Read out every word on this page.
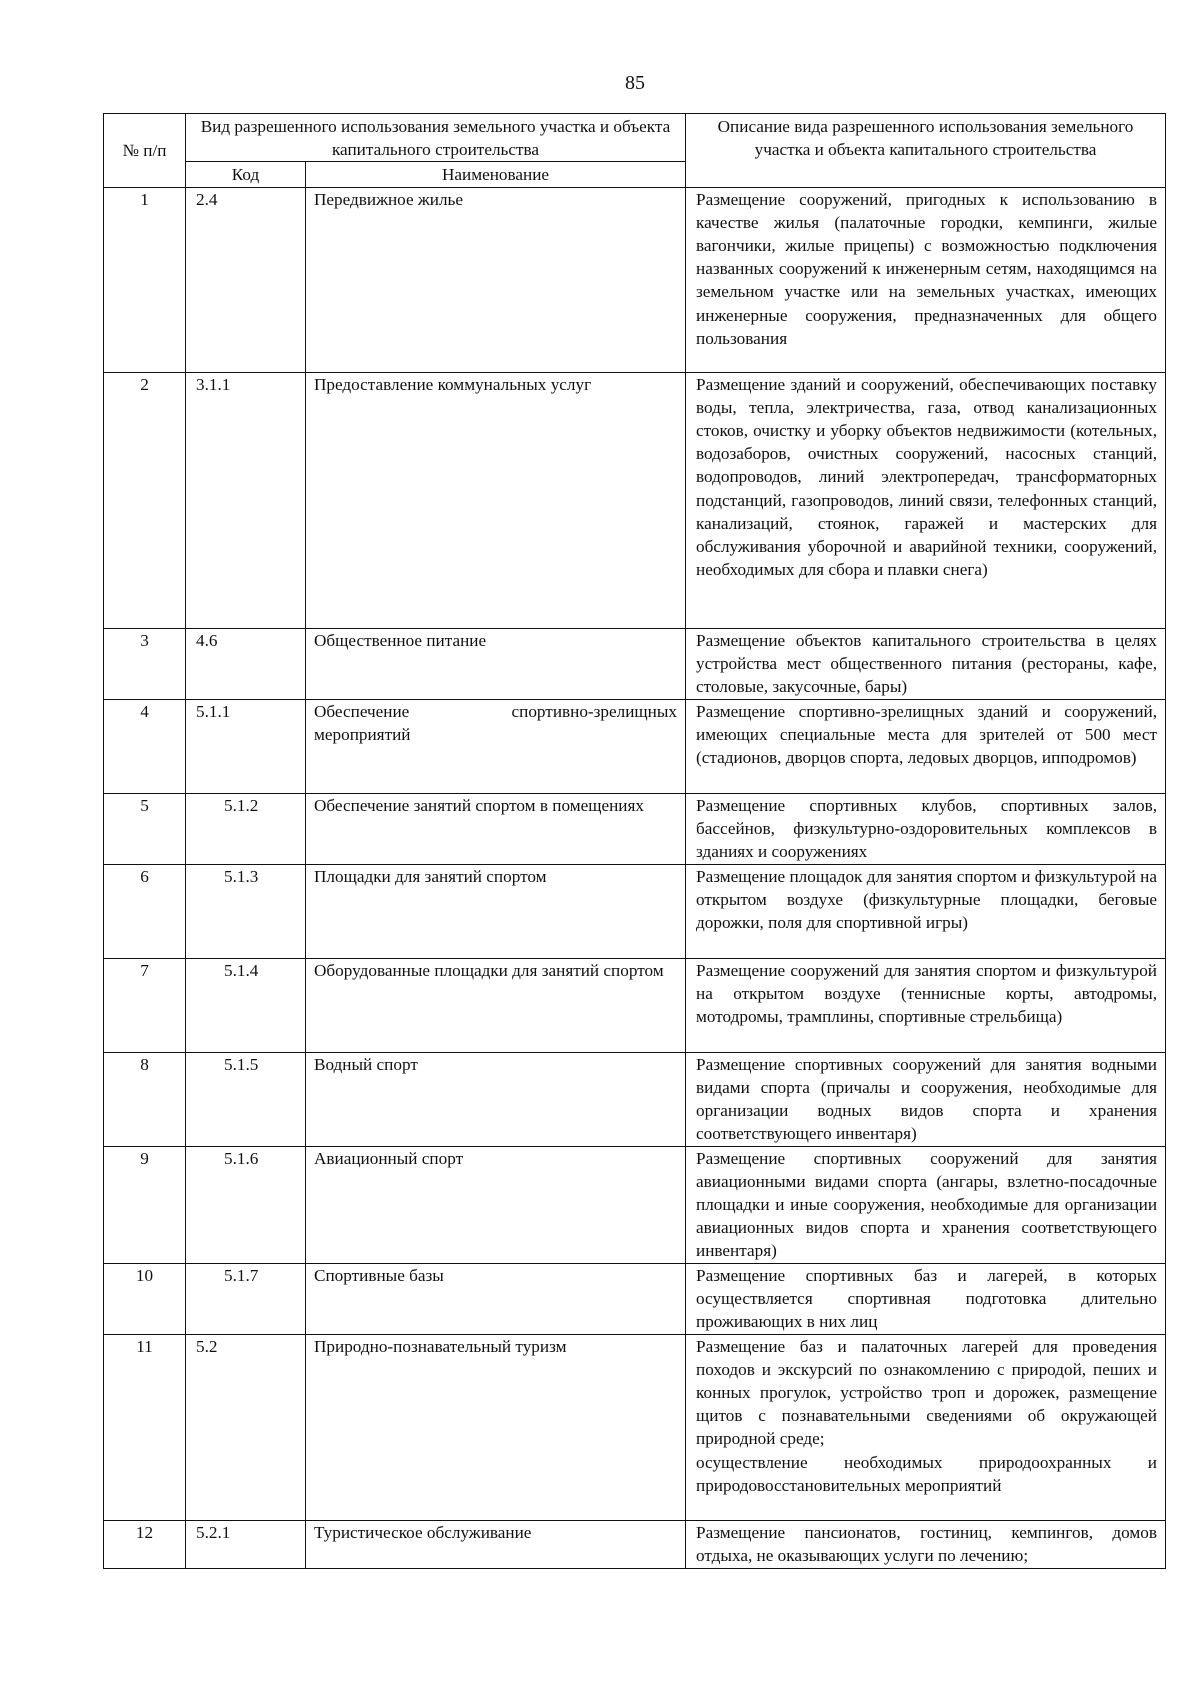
85
№ п/п	Вид разрешенного использования земельного участка и объекта капитального строительства		Описание вида разрешенного использования земельного участка и объекта капитального строительства
	Код	Наименование	
1	2.4	Передвижное жилье	Размещение сооружений, пригодных к использованию в качестве жилья (палаточные городки, кемпинги, жилые вагончики, жилые прицепы) с возможностью подключения названных сооружений к инженерным сетям, находящимся на земельном участке или на земельных участках, имеющих инженерные сооружения, предназначенных для общего пользования
2	3.1.1	Предоставление коммунальных услуг	Размещение зданий и сооружений, обеспечивающих поставку воды, тепла, электричества, газа, отвод канализационных стоков, очистку и уборку объектов недвижимости (котельных, водозаборов, очистных сооружений, насосных станций, водопроводов, линий электропередач, трансформаторных подстанций, газопроводов, линий связи, телефонных станций, канализаций, стоянок, гаражей и мастерских для обслуживания уборочной и аварийной техники, сооружений, необходимых для сбора и плавки снега)
3	4.6	Общественное питание	Размещение объектов капитального строительства в целях устройства мест общественного питания (рестораны, кафе, столовые, закусочные, бары)
4	5.1.1	Обеспечение спортивно-зрелищных мероприятий	Размещение спортивно-зрелищных зданий и сооружений, имеющих специальные места для зрителей от 500 мест (стадионов, дворцов спорта, ледовых дворцов, ипподромов)
5	5.1.2	Обеспечение занятий спортом в помещениях	Размещение спортивных клубов, спортивных залов, бассейнов, физкультурно-оздоровительных комплексов в зданиях и сооружениях
6	5.1.3	Площадки для занятий спортом	Размещение площадок для занятия спортом и физкультурой на открытом воздухе (физкультурные площадки, беговые дорожки, поля для спортивной игры)
7	5.1.4	Оборудованные площадки для занятий спортом	Размещение сооружений для занятия спортом и физкультурой на открытом воздухе (теннисные корты, автодромы, мотодромы, трамплины, спортивные стрельбища)
8	5.1.5	Водный спорт	Размещение спортивных сооружений для занятия водными видами спорта (причалы и сооружения, необходимые для организации водных видов спорта и хранения соответствующего инвентаря)
9	5.1.6	Авиационный спорт	Размещение спортивных сооружений для занятия авиационными видами спорта (ангары, взлетно-посадочные площадки и иные сооружения, необходимые для организации авиационных видов спорта и хранения соответствующего инвентаря)
10	5.1.7	Спортивные базы	Размещение спортивных баз и лагерей, в которых осуществляется спортивная подготовка длительно проживающих в них лиц
11	5.2	Природно-познавательный туризм	Размещение баз и палаточных лагерей для проведения походов и экскурсий по ознакомлению с природой, пеших и конных прогулок, устройство троп и дорожек, размещение щитов с познавательными сведениями об окружающей природной среде;
осуществление необходимых природоохранных и природовосстановительных мероприятий

12	5.2.1	Туристическое обслуживание	Размещение пансионатов, гостиниц, кемпингов, домов отдыха, не оказывающих услуги по лечению;
